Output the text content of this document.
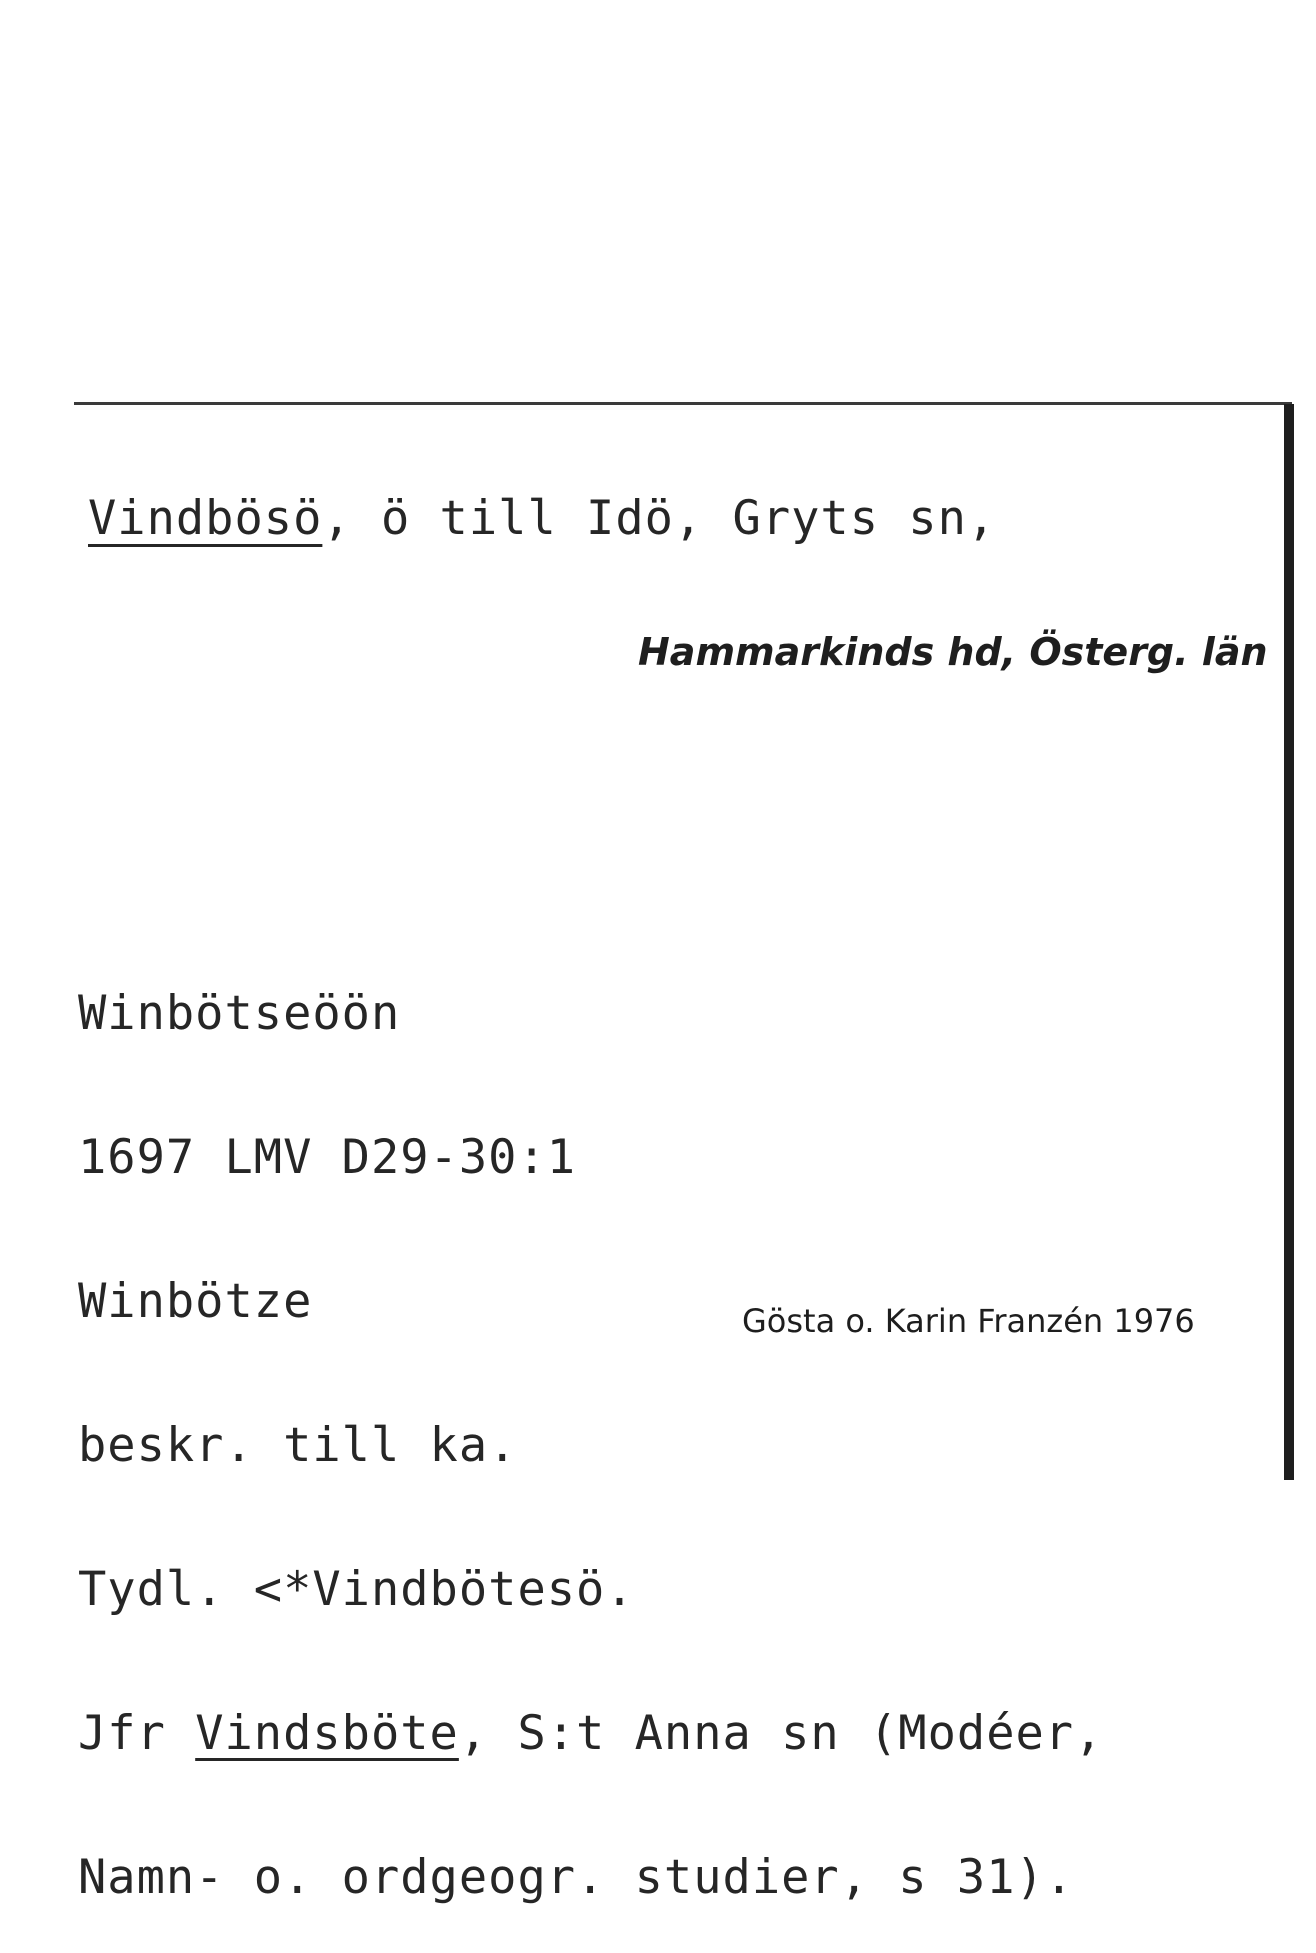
Vindbösö, ö till Idö, Gryts sn,
Hammarkinds hd, Österg. län

Winbötseöön

1697 LMV D29-30:1

Winbötze

beskr. till ka.

Tydl. <*Vindbötesö.

Jfr Vindsböte, S:t Anna sn (Modéer,

Namn- o. ordgeogr. studier, s 31).

Gösta o. Karin Franzén 1976
